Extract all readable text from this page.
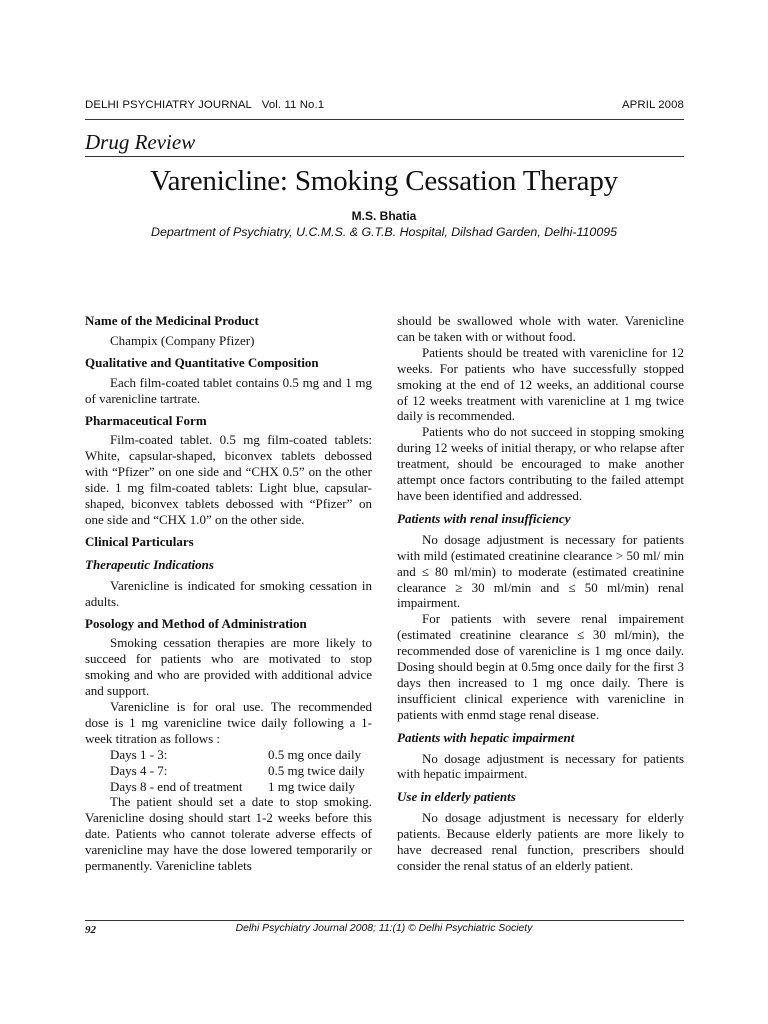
DELHI PSYCHIATRY JOURNAL Vol. 11 No.1	APRIL 2008
Drug Review
Varenicline: Smoking Cessation Therapy
M.S. Bhatia
Department of Psychiatry, U.C.M.S. & G.T.B. Hospital, Dilshad Garden, Delhi-110095
Name of the Medicinal Product

Champix (Company Pfizer)

Qualitative and Quantitative Composition

Each film-coated tablet contains 0.5 mg and 1 mg of varenicline tartrate.

Pharmaceutical Form

Film-coated tablet. 0.5 mg film-coated tablets: White, capsular-shaped, biconvex tablets debossed with “Pfizer” on one side and “CHX 0.5” on the other side. 1 mg film-coated tablets: Light blue, capsular-shaped, biconvex tablets debossed with “Pfizer” on one side and “CHX 1.0” on the other side.

Clinical Particulars
Therapeutic Indications

Varenicline is indicated for smoking cessation in adults.

Posology and Method of Administration

Smoking cessation therapies are more likely to succeed for patients who are motivated to stop smoking and who are provided with additional advice and support.

Varenicline is for oral use. The recommended dose is 1 mg varenicline twice daily following a 1-week titration as follows :

Days 1 - 3:	0.5 mg once daily
Days 4 - 7:	0.5 mg twice daily
Days 8 - end of treatment	1 mg twice daily

The patient should set a date to stop smoking. Varenicline dosing should start 1-2 weeks before this date. Patients who cannot tolerate adverse effects of varenicline may have the dose lowered temporarily or permanently. Varenicline tablets

should be swallowed whole with water. Varenicline can be taken with or without food.

Patients should be treated with varenicline for 12 weeks. For patients who have successfully stopped smoking at the end of 12 weeks, an additional course of 12 weeks treatment with varenicline at 1 mg twice daily is recommended.

Patients who do not succeed in stopping smoking during 12 weeks of initial therapy, or who relapse after treatment, should be encouraged to make another attempt once factors contributing to the failed attempt have been identified and addressed.

Patients with renal insufficiency

No dosage adjustment is necessary for patients with mild (estimated creatinine clearance > 50 ml/ min and ≤ 80 ml/min) to moderate (estimated creatinine clearance ≥ 30 ml/min and ≤ 50 ml/min) renal impairment.

For patients with severe renal impairement (estimated creatinine clearance ≤ 30 ml/min), the recommended dose of varenicline is 1 mg once daily. Dosing should begin at 0.5mg once daily for the first 3 days then increased to 1 mg once daily. There is insufficient clinical experience with varenicline in patients with enmd stage renal disease.

Patients with hepatic impairment

No dosage adjustment is necessary for patients with hepatic impairment.

Use in elderly patients

No dosage adjustment is necessary for elderly patients. Because elderly patients are more likely to have decreased renal function, prescribers should consider the renal status of an elderly patient.

92	Delhi Psychiatry Journal 2008; 11:(1) © Delhi Psychiatric Society
